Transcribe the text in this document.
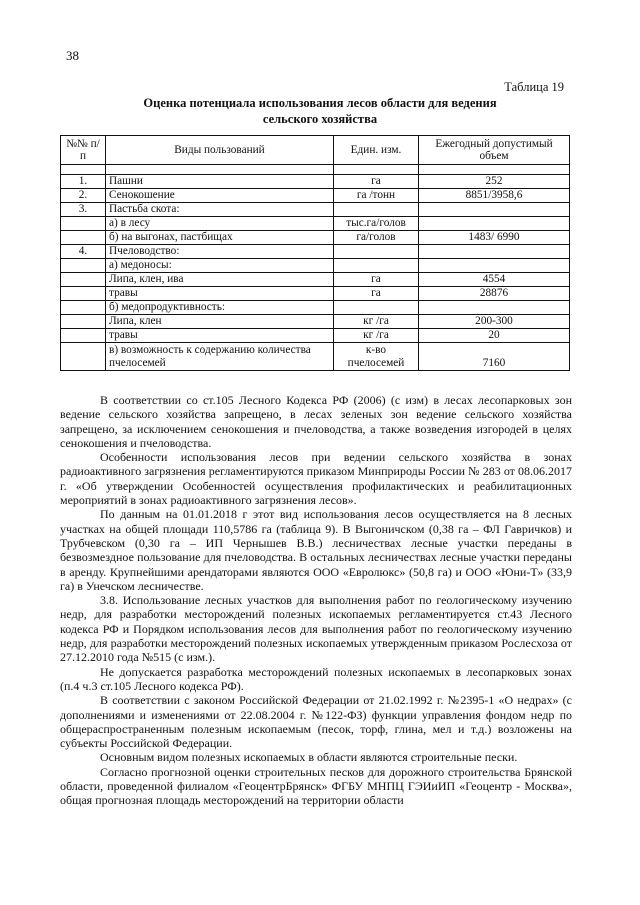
38
Таблица 19
Оценка потенциала использования лесов области для ведения
сельского хозяйства
№№ п/п	Виды пользований	Един. изм.	Ежегодный допустимый объем

1.	Пашни	га	252
2.	Сенокошение	га /тонн	8851/3958,6
3.	Пастьба скота:		
	а) в лесу	тыс.га/голов	
	б) на выгонах, пастбищах	га/голов	1483/ 6990
4.	Пчеловодство:		
	а) медоносы:		
	Липа, клен, ива	га	4554
	травы	га	28876
	б) медопродуктивность:		
	Липа, клен	кг /га	200-300
	травы	кг /га	20
	в) возможность к содержанию количества пчелосемей	к-во пчелосемей	7160

В соответствии со ст.105 Лесного Кодекса РФ (2006) (с изм) в лесах лесопарковых зон ведение сельского хозяйства запрещено, в лесах зеленых зон ведение сельского хозяйства запрещено, за исключением сенокошения и пчеловодства, а также возведения изгородей в целях сенокошения и пчеловодства.

Особенности использования лесов при ведении сельского хозяйства в зонах радиоактивного загрязнения регламентируются приказом Минприроды России № 283 от 08.06.2017 г. «Об утверждении Особенностей осуществления профилактических и реабилитационных мероприятий в зонах радиоактивного загрязнения лесов».

По данным на 01.01.2018 г этот вид использования лесов осуществляется на 8 лесных участках на общей площади 110,5786 га (таблица 9). В Выгоничском (0,38 га – ФЛ Гавричков) и Трубчевском (0,30 га – ИП Чернышев В.В.) лесничествах лесные участки переданы в безвозмездное пользование для пчеловодства. В остальных лесничествах лесные участки переданы в аренду. Крупнейшими арендаторами являются ООО «Евролюкс» (50,8 га) и ООО «Юни-Т» (33,9 га) в Унечском лесничестве.

3.8. Использование лесных участков для выполнения работ по геологическому изучению недр, для разработки месторождений полезных ископаемых регламентируется ст.43 Лесного кодекса РФ и Порядком использования лесов для выполнения работ по геологическому изучению недр, для разработки месторождений полезных ископаемых утвержденным приказом Рослесхоза от 27.12.2010 года №515 (с изм.).

Не допускается разработка месторождений полезных ископаемых в лесопарковых зонах (п.4 ч.3 ст.105 Лесного кодекса РФ).

В соответствии с законом Российской Федерации от 21.02.1992 г. №2395-1 «О недрах» (с дополнениями и изменениями от 22.08.2004 г. №122-ФЗ) функции управления фондом недр по общераспространенным полезным ископаемым (песок, торф, глина, мел и т.д.) возложены на субъекты Российской Федерации.

Основным видом полезных ископаемых в области являются строительные пески.

Согласно прогнозной оценки строительных песков для дорожного строительства Брянской области, проведенной филиалом «ГеоцентрБрянск» ФГБУ МНПЦ ГЭИиИП «Геоцентр - Москва», общая прогнозная площадь месторождений на территории области
